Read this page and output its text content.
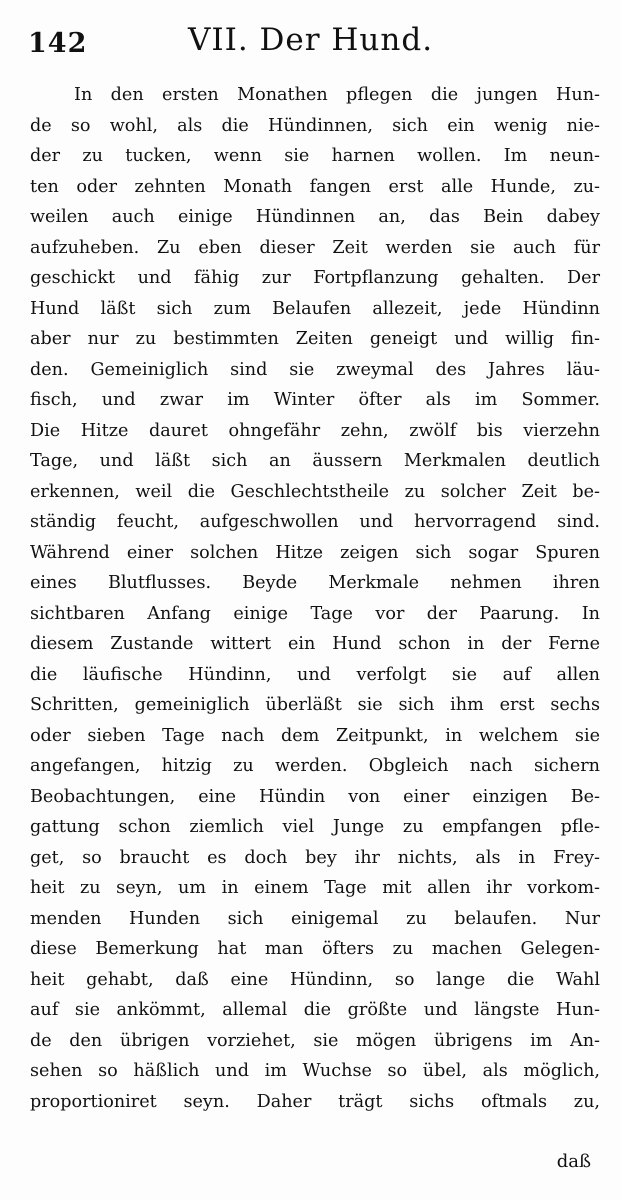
142	VII. Der Hund.
In den ersten Monathen pflegen die jungen Hun-
de so wohl, als die Hündinnen, sich ein wenig nie-
der zu tucken, wenn sie harnen wollen. Im neun-
ten oder zehnten Monath fangen erst alle Hunde, zu-
weilen auch einige Hündinnen an, das Bein dabey
aufzuheben. Zu eben dieser Zeit werden sie auch für
geschickt und fähig zur Fortpflanzung gehalten. Der
Hund läßt sich zum Belaufen allezeit, jede Hündinn
aber nur zu bestimmten Zeiten geneigt und willig fin-
den. Gemeiniglich sind sie zweymal des Jahres läu-
fisch, und zwar im Winter öfter als im Sommer.
Die Hitze dauret ohngefähr zehn, zwölf bis vierzehn
Tage, und läßt sich an äussern Merkmalen deutlich
erkennen, weil die Geschlechtstheile zu solcher Zeit be-
ständig feucht, aufgeschwollen und hervorragend sind.
Während einer solchen Hitze zeigen sich sogar Spuren
eines Blutflusses. Beyde Merkmale nehmen ihren
sichtbaren Anfang einige Tage vor der Paarung. In
diesem Zustande wittert ein Hund schon in der Ferne
die läufische Hündinn, und verfolgt sie auf allen
Schritten, gemeiniglich überläßt sie sich ihm erst sechs
oder sieben Tage nach dem Zeitpunkt, in welchem sie
angefangen, hitzig zu werden. Obgleich nach sichern
Beobachtungen, eine Hündin von einer einzigen Be-
gattung schon ziemlich viel Junge zu empfangen pfle-
get, so braucht es doch bey ihr nichts, als in Frey-
heit zu seyn, um in einem Tage mit allen ihr vorkom-
menden Hunden sich einigemal zu belaufen. Nur
diese Bemerkung hat man öfters zu machen Gelegen-
heit gehabt, daß eine Hündinn, so lange die Wahl
auf sie ankömmt, allemal die größte und längste Hun-
de den übrigen vorziehet, sie mögen übrigens im An-
sehen so häßlich und im Wuchse so übel, als möglich,
proportioniret seyn. Daher trägt sichs oftmals zu,
daß
